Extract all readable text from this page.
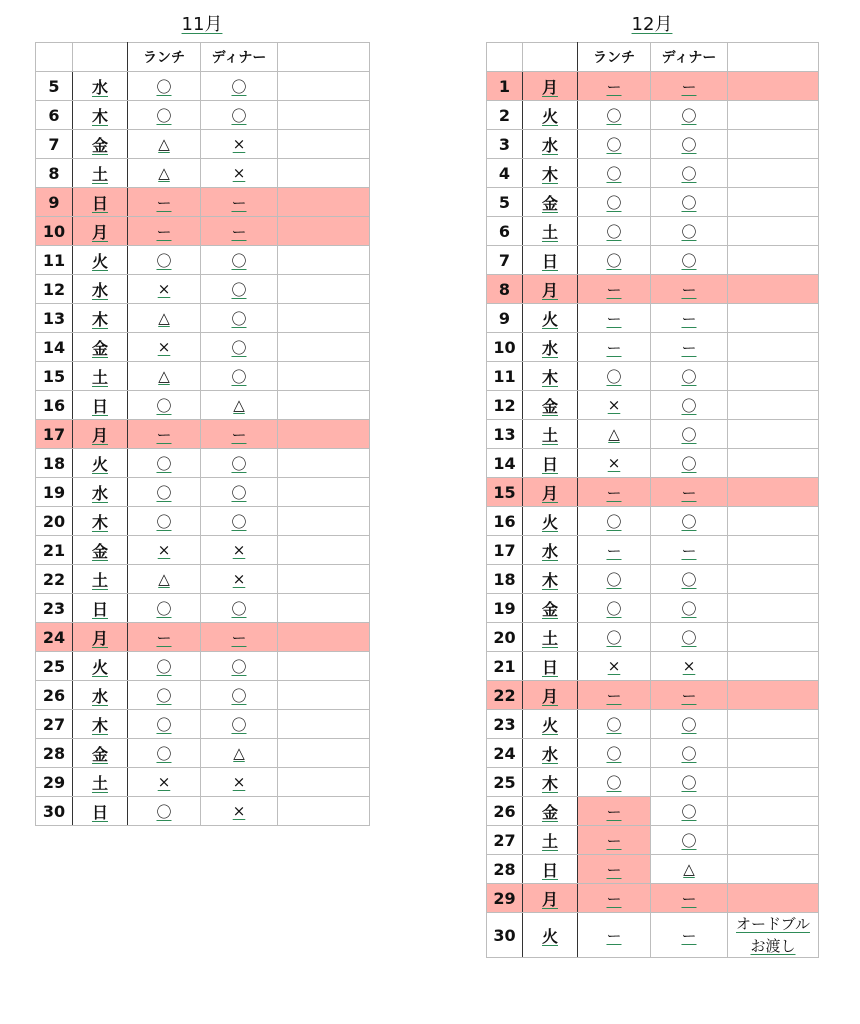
11月
		ランチ	ディナー	
5	水	〇	〇	
6	木	〇	〇	
7	金	△	×	
8	土	△	×	
9	日	ー	ー	
10	月	ー	ー	
11	火	〇	〇	
12	水	×	〇	
13	木	△	〇	
14	金	×	〇	
15	土	△	〇	
16	日	〇	△	
17	月	ー	ー	
18	火	〇	〇	
19	水	〇	〇	
20	木	〇	〇	
21	金	×	×	
22	土	△	×	
23	日	〇	〇	
24	月	ー	ー	
25	火	〇	〇	
26	水	〇	〇	
27	木	〇	〇	
28	金	〇	△	
29	土	×	×	
30	日	〇	×	
12月
		ランチ	ディナー	
1	月	ー	ー	
2	火	〇	〇	
3	水	〇	〇	
4	木	〇	〇	
5	金	〇	〇	
6	土	〇	〇	
7	日	〇	〇	
8	月	ー	ー	
9	火	ー	ー	
10	水	ー	ー	
11	木	〇	〇	
12	金	×	〇	
13	土	△	〇	
14	日	×	〇	
15	月	ー	ー	
16	火	〇	〇	
17	水	ー	ー	
18	木	〇	〇	
19	金	〇	〇	
20	土	〇	〇	
21	日	×	×	
22	月	ー	ー	
23	火	〇	〇	
24	水	〇	〇	
25	木	〇	〇	
26	金	ー	〇	
27	土	ー	〇	
28	日	ー	△	
29	月	ー	ー	
30	火	ー	ー	オードブル
お渡し
